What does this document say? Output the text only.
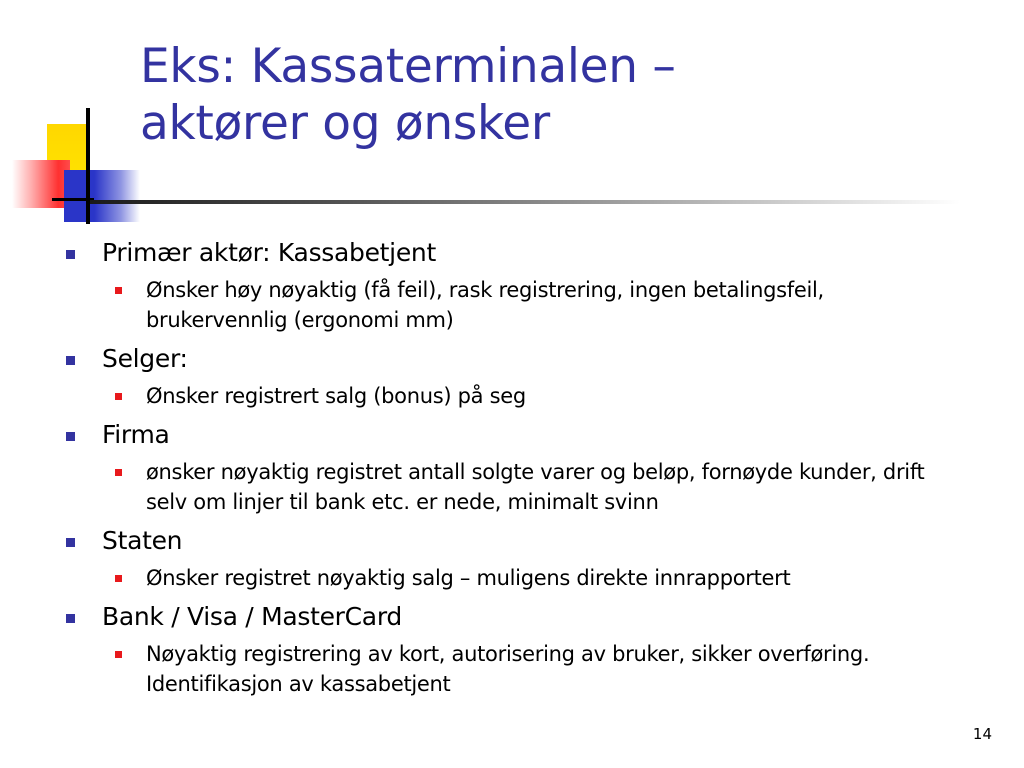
Eks: Kassaterminalen –
aktører og ønsker
Primær aktør: Kassabetjent
Ønsker høy nøyaktig (få feil), rask registrering, ingen betalingsfeil, brukervennlig (ergonomi mm)
Selger:
Ønsker registrert salg (bonus) på seg
Firma
ønsker nøyaktig registret antall solgte varer og beløp, fornøyde kunder, drift selv om linjer til bank etc. er nede, minimalt svinn
Staten
Ønsker registret nøyaktig salg – muligens direkte innrapportert
Bank / Visa / MasterCard
Nøyaktig registrering av kort, autorisering av bruker, sikker overføring. Identifikasjon av kassabetjent
14
